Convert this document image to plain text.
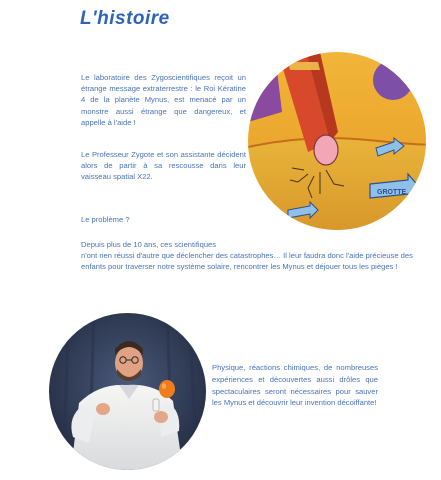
L'histoire
Le laboratoire des Zygoscientifiques reçoit un étrange message extraterrestre : le Roi Kératine 4 de la planète Mynus, est menacé par un monstre aussi étrange que dangereux, et appelle à l'aide !
Le Professeur Zygote et son assistante décident alors de partir à sa rescousse dans leur vaisseau spatial X22.
Le problème ?
Depuis plus de 10 ans, ces scientifiques
n'ont rien réussi d'autre que déclencher des catastrophes… Il leur faudra donc l'aide précieuse des enfants pour traverser notre système solaire, rencontrer les Mynus et déjouer tous les pièges !
Physique, réactions chimiques, de nombreuses expériences et découvertes aussi drôles que spectaculaires seront nécessaires pour sauver les Mynus et découvrir leur invention décoiffante!
GROTTE
